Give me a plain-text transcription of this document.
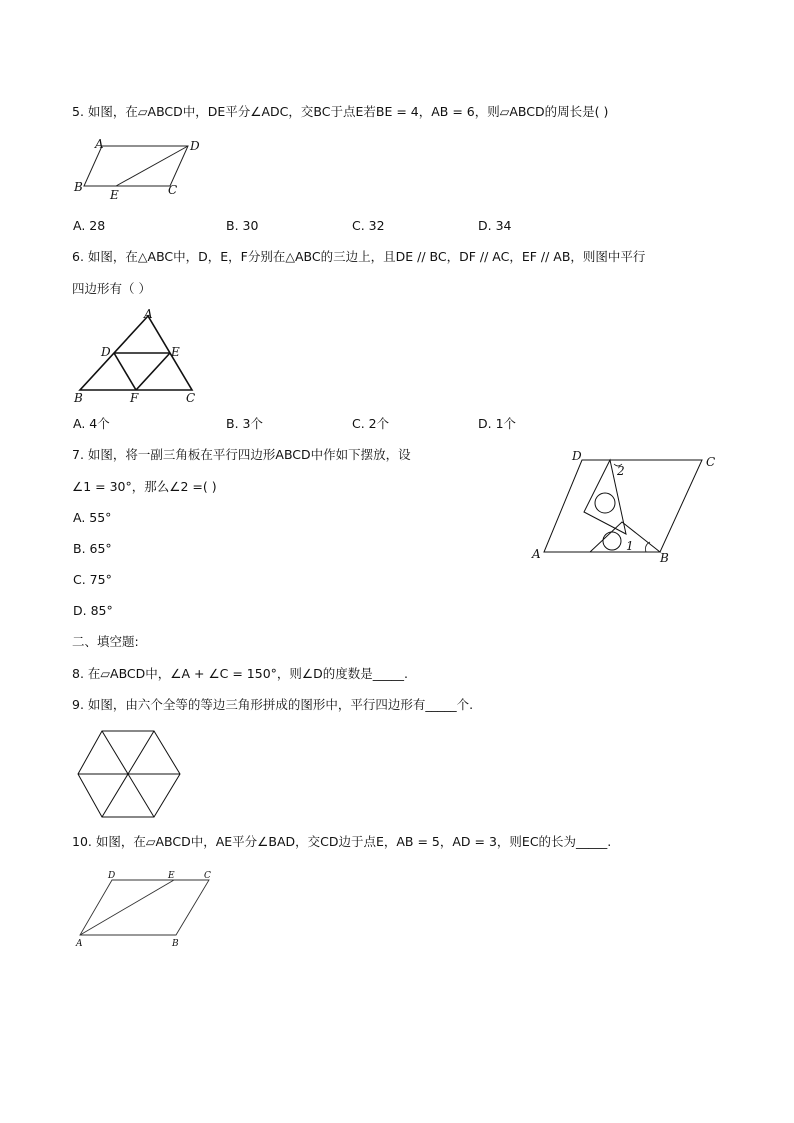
5. 如图，在▱ABCD中，DE平分∠ADC，交BC于点E若BE = 4，AB = 6，则▱ABCD的周长是( )
A	D
B
E	C
A. 28	B. 30	C. 32	D. 34
6. 如图，在△ABC中，D，E，F分别在△ABC的三边上，且DE // BC，DF // AC，EF // AB，则图中平行
四边形有（ ）
A
D	E
B	F	C
A. 4个	B. 3个	C. 2个	D. 1个
7. 如图，将一副三角板在平行四边形ABCD中作如下摆放，设
∠1 = 30°，那么∠2 =( )
A. 55°
B. 65°
C. 75°
D. 85°
D	C
A	B
2
1
二、填空题:
8. 在▱ABCD中，∠A + ∠C = 150°，则∠D的度数是_____.
9. 如图，由六个全等的等边三角形拼成的图形中，平行四边形有_____个.
10. 如图，在▱ABCD中，AE平分∠BAD，交CD边于点E，AB = 5，AD = 3，则EC的长为_____.
D	E	C
A	B
